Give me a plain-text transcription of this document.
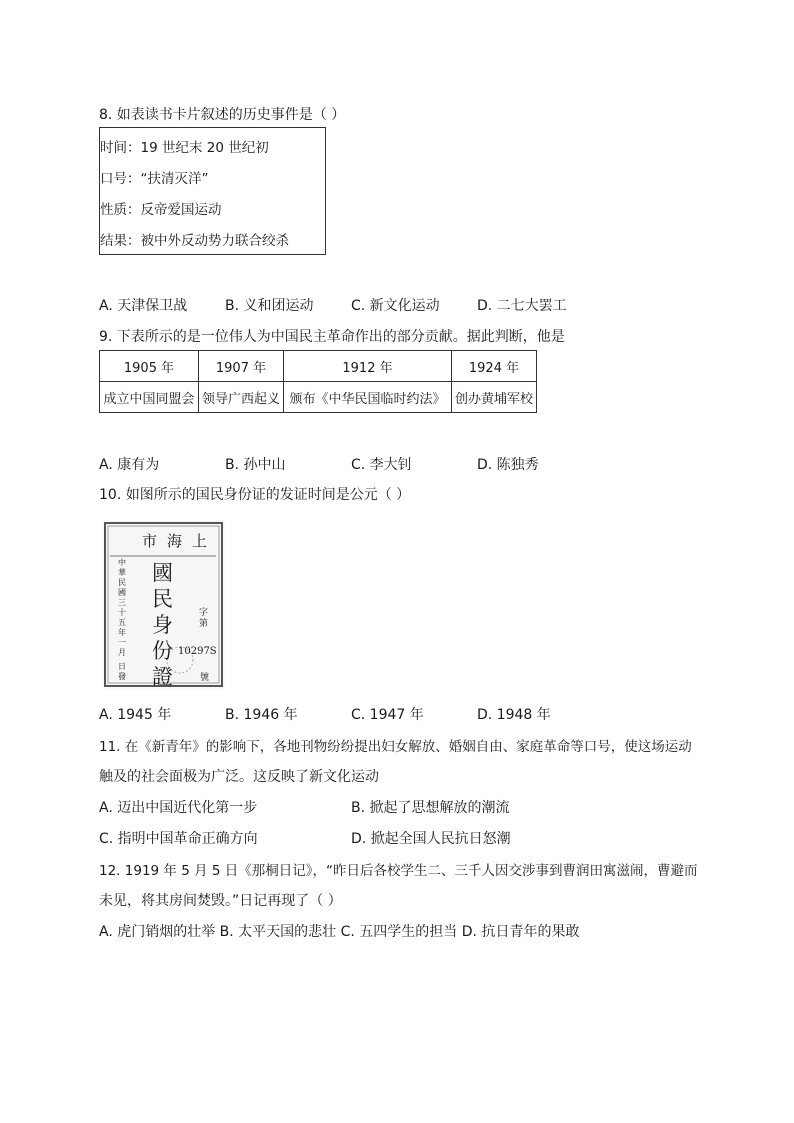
8. 如表读书卡片叙述的历史事件是（ ）
时间：19 世纪末 20 世纪初
口号：“扶清灭洋”
性质：反帝爱国运动
结果：被中外反动势力联合绞杀
A. 天津保卫战	B. 义和团运动	C. 新文化运动	D. 二七大罢工
9. 下表所示的是一位伟人为中国民主革命作出的部分贡献。据此判断，他是
1905 年	1907 年	1912 年	1924 年
成立中国同盟会	领导广西起义	颁布《中华民国临时约法》	创办黄埔军校
A. 康有为	B. 孙中山	C. 李大钊	D. 陈独秀
10. 如图所示的国民身份证的发证时间是公元（ ）
市海上
國
民
身
份
證
中華民國三十五年一月
日發
字第
10297S
號
A. 1945 年	B. 1946 年	C. 1947 年	D. 1948 年
11. 在《新青年》的影响下，各地刊物纷纷提出妇女解放、婚姻自由、家庭革命等口号，使这场运动
触及的社会面极为广泛。这反映了新文化运动
A. 迈出中国近代化第一步	B. 掀起了思想解放的潮流
C. 指明中国革命正确方向	D. 掀起全国人民抗日怒潮
12. 1919 年 5 月 5 日《那桐日记》，“昨日后各校学生二、三千人因交涉事到曹润田寓滋闹，曹避而
未见，将其房间焚毁。”日记再现了（ ）
A. 虎门销烟的壮举 B. 太平天国的悲壮 C. 五四学生的担当 D. 抗日青年的果敢
